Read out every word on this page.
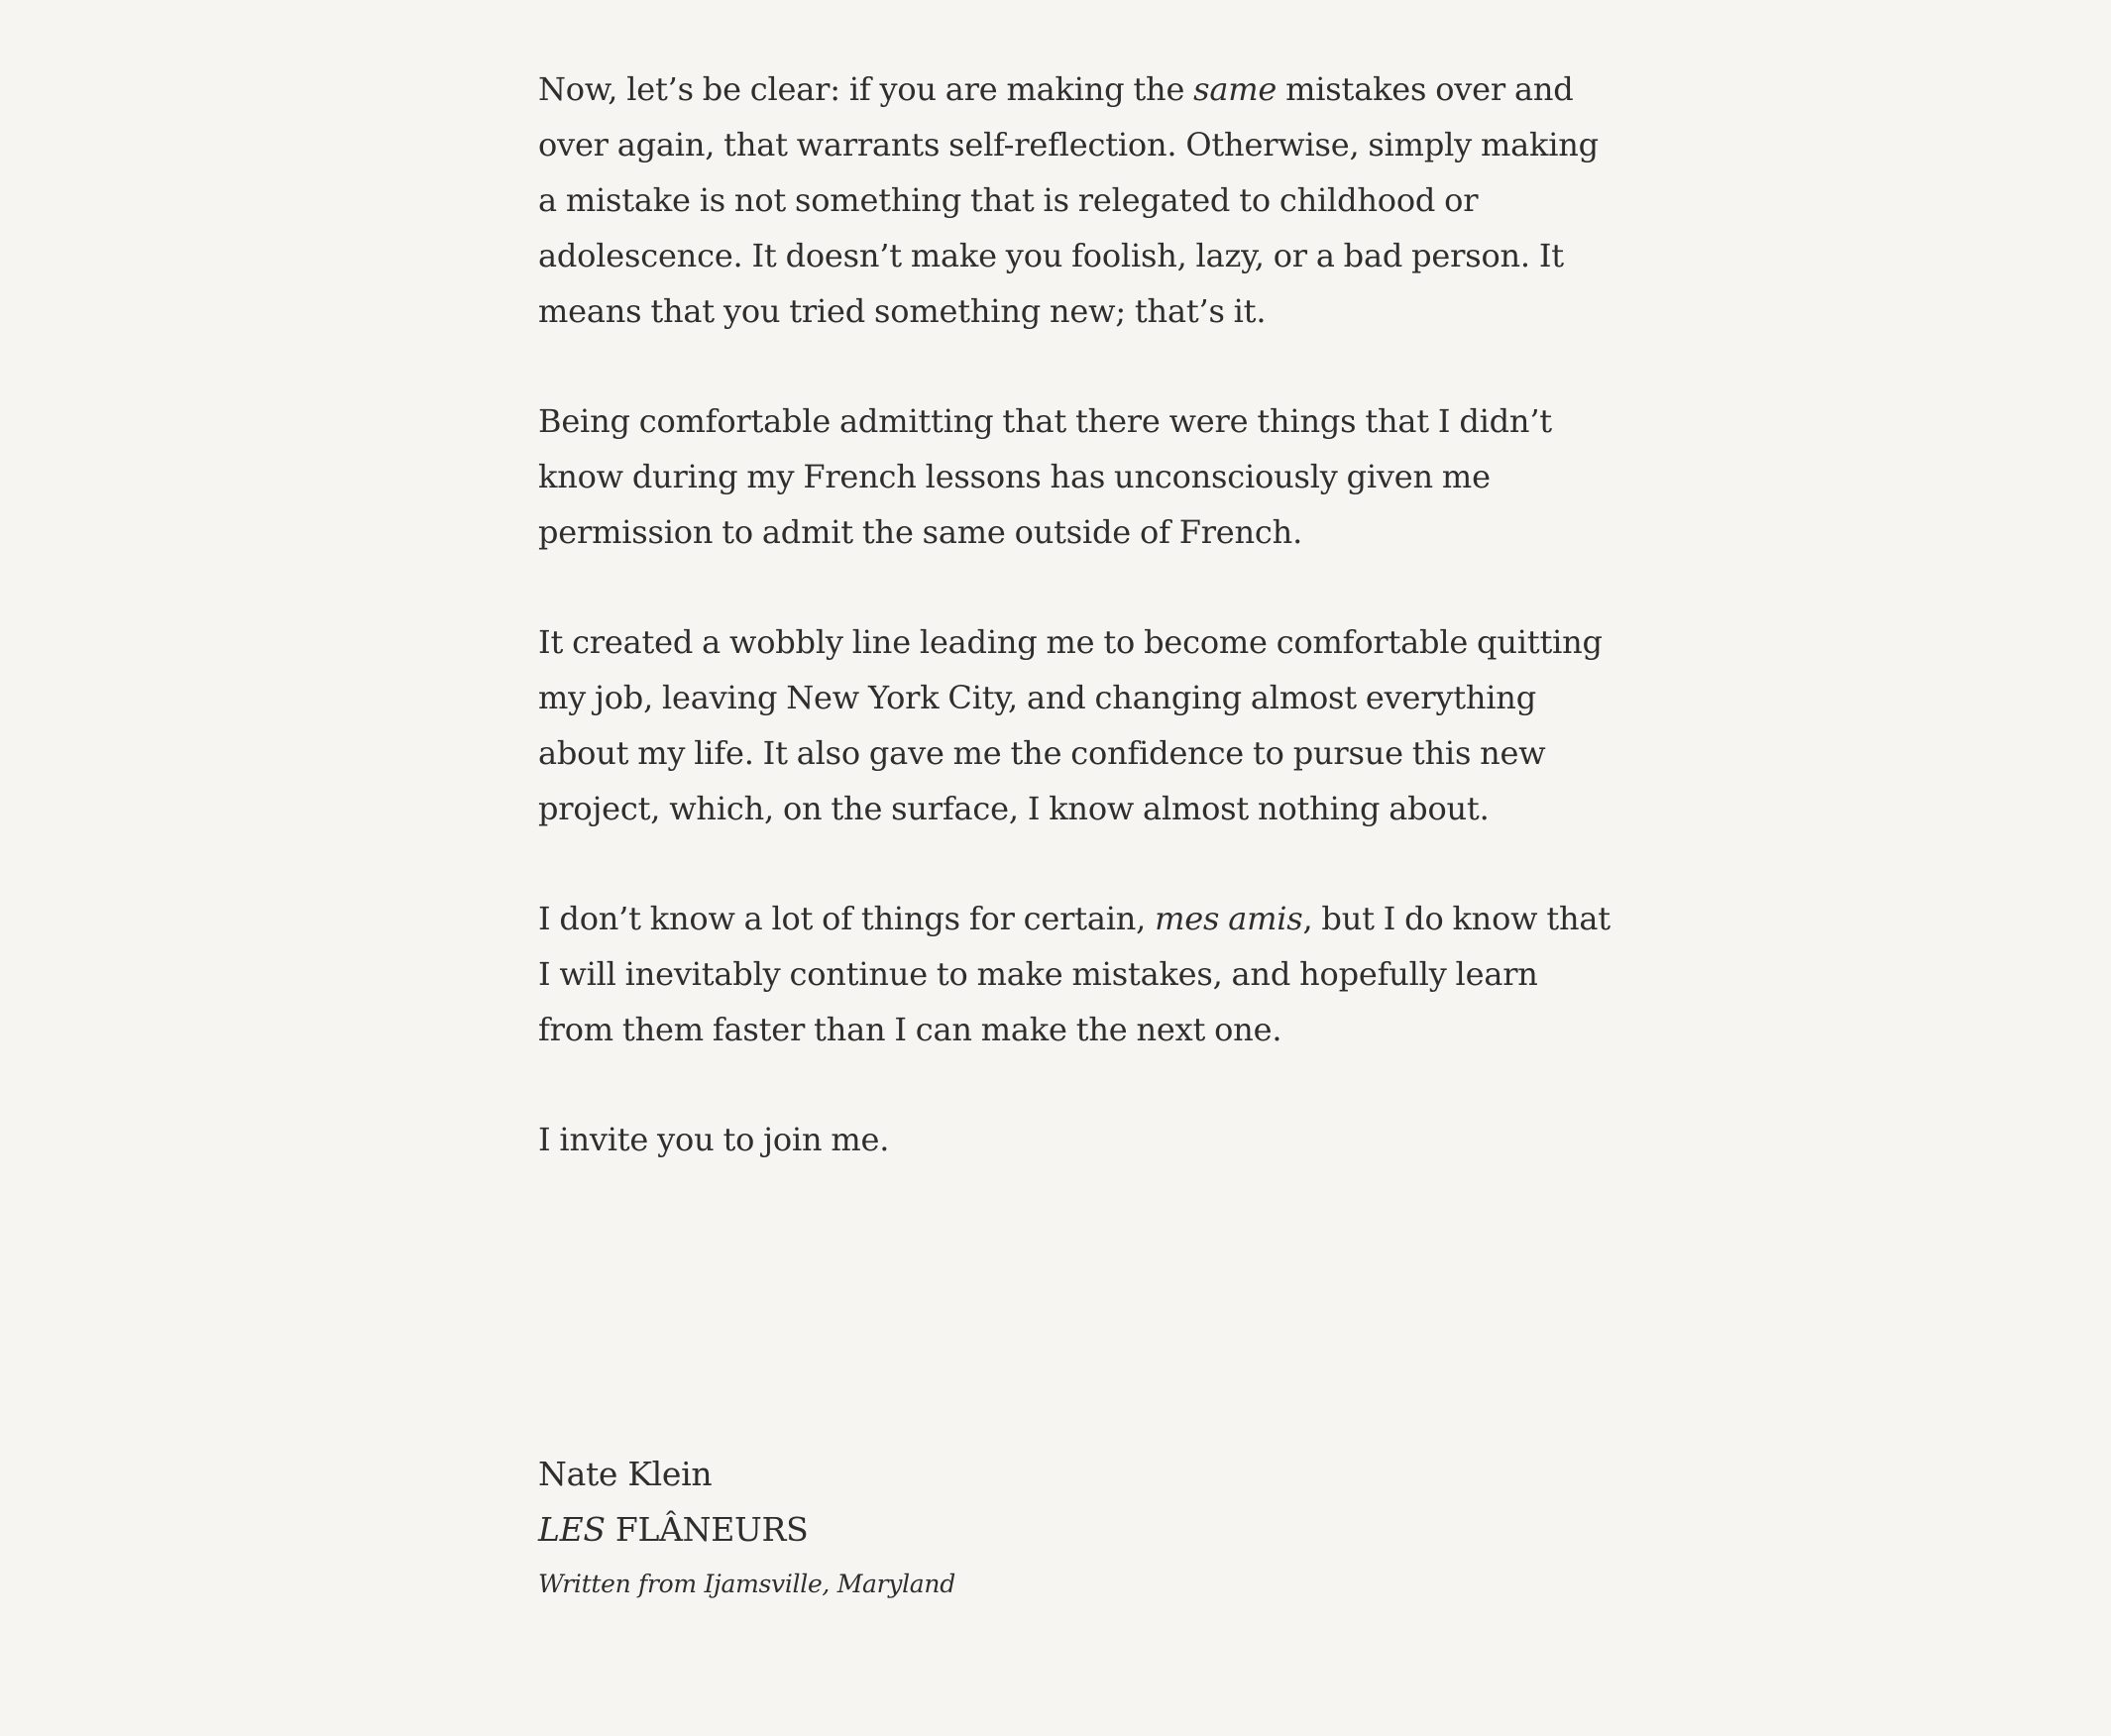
Now, let’s be clear: if you are making the same mistakes over and over again, that warrants self-reflection. Otherwise, simply making a mistake is not something that is relegated to childhood or adolescence. It doesn’t make you foolish, lazy, or a bad person. It means that you tried something new; that’s it.

Being comfortable admitting that there were things that I didn’t know during my French lessons has unconsciously given me permission to admit the same outside of French.

It created a wobbly line leading me to become comfortable quitting my job, leaving New York City, and changing almost everything about my life. It also gave me the confidence to pursue this new project, which, on the surface, I know almost nothing about.

I don’t know a lot of things for certain, mes amis, but I do know that I will inevitably continue to make mistakes, and hopefully learn from them faster than I can make the next one.

I invite you to join me.

Nate Klein
LES FLÂNEURS
Written from Ijamsville, Maryland
